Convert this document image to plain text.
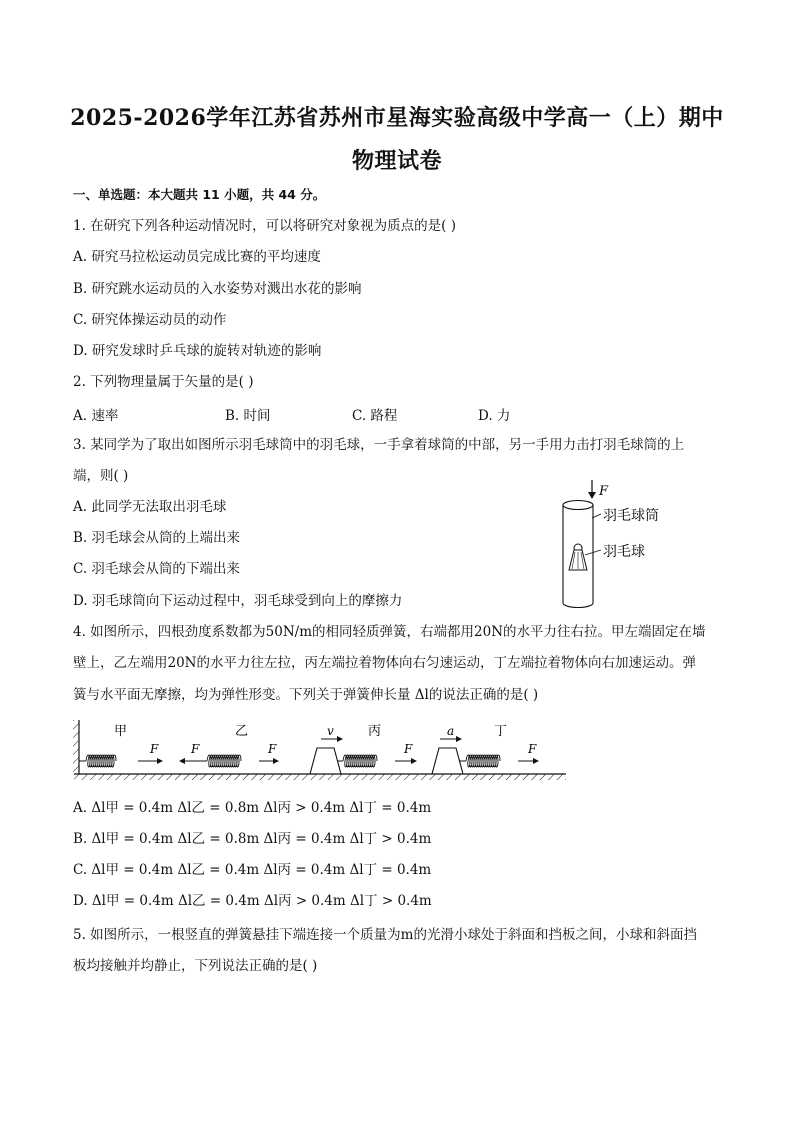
2025-2026学年江苏省苏州市星海实验高级中学高一（上）期中
物理试卷
一、单选题：本大题共 11 小题，共 44 分。
1. 在研究下列各种运动情况时，可以将研究对象视为质点的是( )
A. 研究马拉松运动员完成比赛的平均速度
B. 研究跳水运动员的入水姿势对溅出水花的影响
C. 研究体操运动员的动作
D. 研究发球时乒乓球的旋转对轨迹的影响
2. 下列物理量属于矢量的是( )
A. 速率	B. 时间	C. 路程	D. 力
3. 某同学为了取出如图所示羽毛球筒中的羽毛球，一手拿着球筒的中部，另一手用力击打羽毛球筒的上
端，则( )
A. 此同学无法取出羽毛球
B. 羽毛球会从筒的上端出来
C. 羽毛球会从筒的下端出来
D. 羽毛球筒向下运动过程中，羽毛球受到向上的摩擦力
F
羽毛球筒
羽毛球
4. 如图所示，四根劲度系数都为50N/m的相同轻质弹簧，右端都用20N的水平力往右拉。甲左端固定在墙
壁上，乙左端用20N的水平力往左拉，丙左端拉着物体向右匀速运动，丁左端拉着物体向右加速运动。弹
簧与水平面无摩擦，均为弹性形变。下列关于弹簧伸长量 Δl的说法正确的是( )
甲
F
乙
F	F
丙
v
F
丁
a
F
A. Δl甲 = 0.4m Δl乙 = 0.8m Δl丙 > 0.4m Δl丁 = 0.4m
B. Δl甲 = 0.4m Δl乙 = 0.8m Δl丙 = 0.4m Δl丁 > 0.4m
C. Δl甲 = 0.4m Δl乙 = 0.4m Δl丙 = 0.4m Δl丁 = 0.4m
D. Δl甲 = 0.4m Δl乙 = 0.4m Δl丙 > 0.4m Δl丁 > 0.4m
5. 如图所示，一根竖直的弹簧悬挂下端连接一个质量为m的光滑小球处于斜面和挡板之间，小球和斜面挡
板均接触并均静止，下列说法正确的是( )
